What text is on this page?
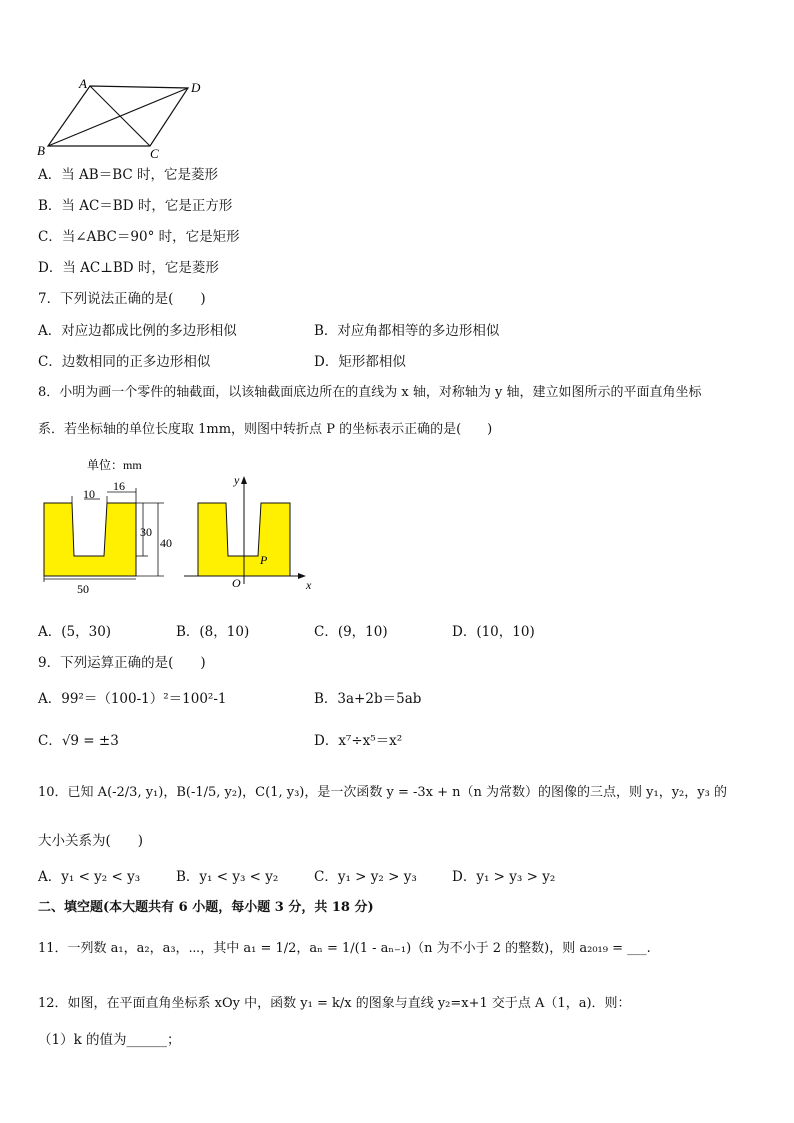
A	D
B	C
A．当 AB＝BC 时，它是菱形
B．当 AC＝BD 时，它是正方形
C．当∠ABC＝90° 时，它是矩形
D．当 AC⊥BD 时，它是菱形
7．下列说法正确的是(　　)
A．对应边都成比例的多边形相似	B．对应角都相等的多边形相似
C．边数相同的正多边形相似	D．矩形都相似
8．小明为画一个零件的轴截面，以该轴截面底边所在的直线为 x 轴，对称轴为 y 轴，建立如图所示的平面直角坐标
系．若坐标轴的单位长度取 1mm，则图中转折点 P 的坐标表示正确的是(　　)
单位：mm
10
16
30
40
50
y
x
O
P
A．(5，30)	B．(8，10)	C．(9，10)	D．(10，10)
9．下列运算正确的是(　　)
A．99²＝（100-1）²＝100²-1	B．3a+2b＝5ab
C．√9 = ±3	D．x⁷÷x⁵＝x²
10．已知 A(-2/3, y₁)，B(-1/5, y₂)，C(1, y₃)，是一次函数 y = -3x + n（n 为常数）的图像的三点，则 y₁，y₂，y₃ 的
大小关系为(　　)
A．y₁ < y₂ < y₃	B．y₁ < y₃ < y₂	C．y₁ > y₂ > y₃	D．y₁ > y₃ > y₂
二、填空题(本大题共有 6 小题，每小题 3 分，共 18 分)
11．一列数 a₁，a₂，a₃，⋯，其中 a₁ = 1/2，aₙ = 1/(1 - aₙ₋₁)（n 为不小于 2 的整数)，则 a₂₀₁₉ = ___.
12．如图，在平面直角坐标系 xOy 中，函数 y₁ = k/x 的图象与直线 y₂=x+1 交于点 A（1，a)．则：
（1）k 的值为______；
